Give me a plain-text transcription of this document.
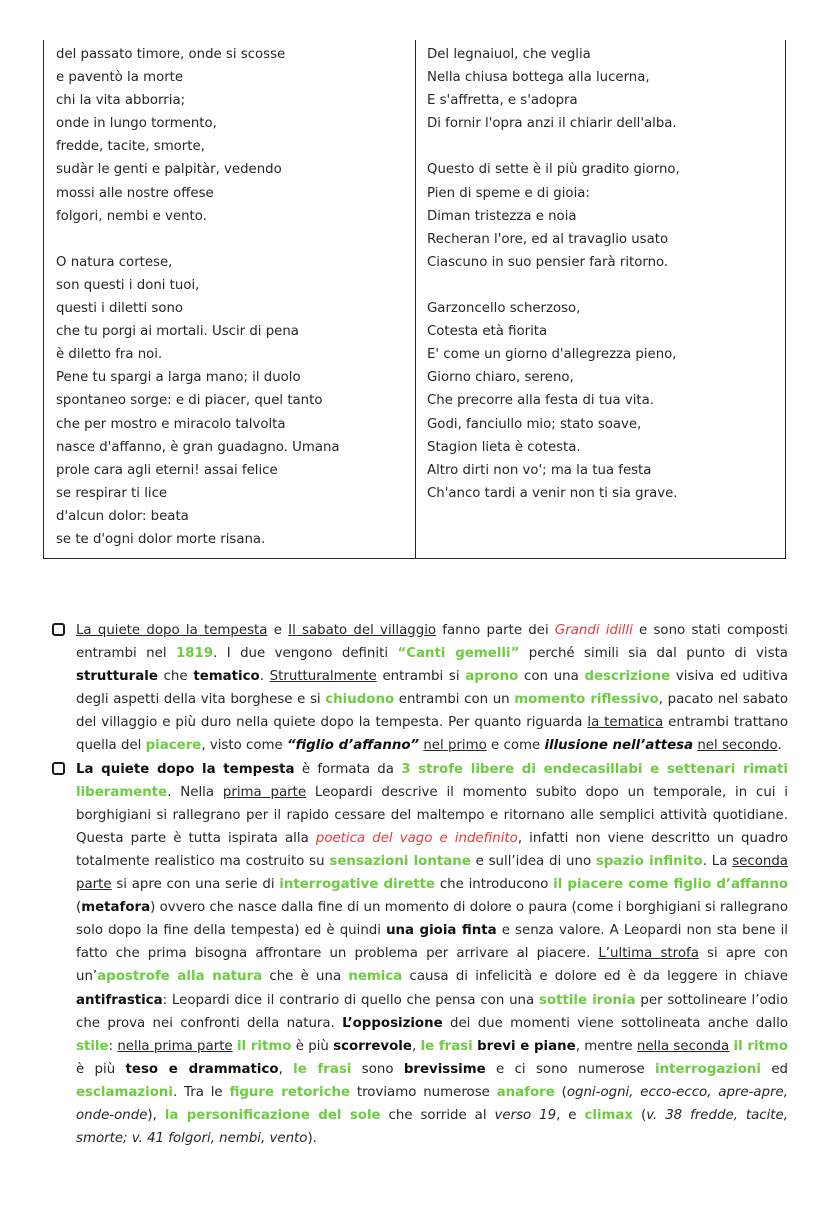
del passato timore, onde si scosse
e paventò la morte
chi la vita abborria;
onde in lungo tormento,
fredde, tacite, smorte,
sudàr le genti e palpitàr, vedendo
mossi alle nostre offese
folgori, nembi e vento.
O natura cortese,
son questi i doni tuoi,
questi i diletti sono
che tu porgi ai mortali. Uscir di pena
è diletto fra noi.
Pene tu spargi a larga mano; il duolo
spontaneo sorge: e di piacer, quel tanto
che per mostro e miracolo talvolta
nasce d'affanno, è gran guadagno. Umana
prole cara agli eterni! assai felice
se respirar ti lice
d'alcun dolor: beata
se te d'ogni dolor morte risana.
Del legnaiuol, che veglia
Nella chiusa bottega alla lucerna,
E s'affretta, e s'adopra
Di fornir l'opra anzi il chiarir dell'alba.
Questo di sette è il più gradito giorno,
Pien di speme e di gioia:
Diman tristezza e noia
Recheran l'ore, ed al travaglio usato
Ciascuno in suo pensier farà ritorno.
Garzoncello scherzoso,
Cotesta età fiorita
E' come un giorno d'allegrezza pieno,
Giorno chiaro, sereno,
Che precorre alla festa di tua vita.
Godi, fanciullo mio; stato soave,
Stagion lieta è cotesta.
Altro dirti non vo'; ma la tua festa
Ch'anco tardi a venir non ti sia grave.
La quiete dopo la tempesta e Il sabato del villaggio fanno parte dei Grandi idilli e sono stati composti entrambi nel 1819. I due vengono definiti “Canti gemelli” perché simili sia dal punto di vista strutturale che tematico. Strutturalmente entrambi si aprono con una descrizione visiva ed uditiva degli aspetti della vita borghese e si chiudono entrambi con un momento riflessivo, pacato nel sabato del villaggio e più duro nella quiete dopo la tempesta. Per quanto riguarda la tematica entrambi trattano quella del piacere, visto come “figlio d’affanno” nel primo e come illusione nell’attesa nel secondo.
La quiete dopo la tempesta è formata da 3 strofe libere di endecasillabi e settenari rimati liberamente. Nella prima parte Leopardi descrive il momento subito dopo un temporale, in cui i borghigiani si rallegrano per il rapido cessare del maltempo e ritornano alle semplici attività quotidiane. Questa parte è tutta ispirata alla poetica del vago e indefinito, infatti non viene descritto un quadro totalmente realistico ma costruito su sensazioni lontane e sull’idea di uno spazio infinito. La seconda parte si apre con una serie di interrogative dirette che introducono il piacere come figlio d’affanno (metafora) ovvero che nasce dalla fine di un momento di dolore o paura (come i borghigiani si rallegrano solo dopo la fine della tempesta) ed è quindi una gioia finta e senza valore. A Leopardi non sta bene il fatto che prima bisogna affrontare un problema per arrivare al piacere. L’ultima strofa si apre con un’apostrofe alla natura che è una nemica causa di infelicità e dolore ed è da leggere in chiave antifrastica: Leopardi dice il contrario di quello che pensa con una sottile ironia per sottolineare l’odio che prova nei confronti della natura. L’opposizione dei due momenti viene sottolineata anche dallo stile: nella prima parte il ritmo è più scorrevole, le frasi brevi e piane, mentre nella seconda il ritmo è più teso e drammatico, le frasi sono brevissime e ci sono numerose interrogazioni ed esclamazioni. Tra le figure retoriche troviamo numerose anafore (ogni-ogni, ecco-ecco, apre-apre, onde-onde), la personificazione del sole che sorride al verso 19, e climax (v. 38 fredde, tacite, smorte; v. 41 folgori, nembi, vento).
